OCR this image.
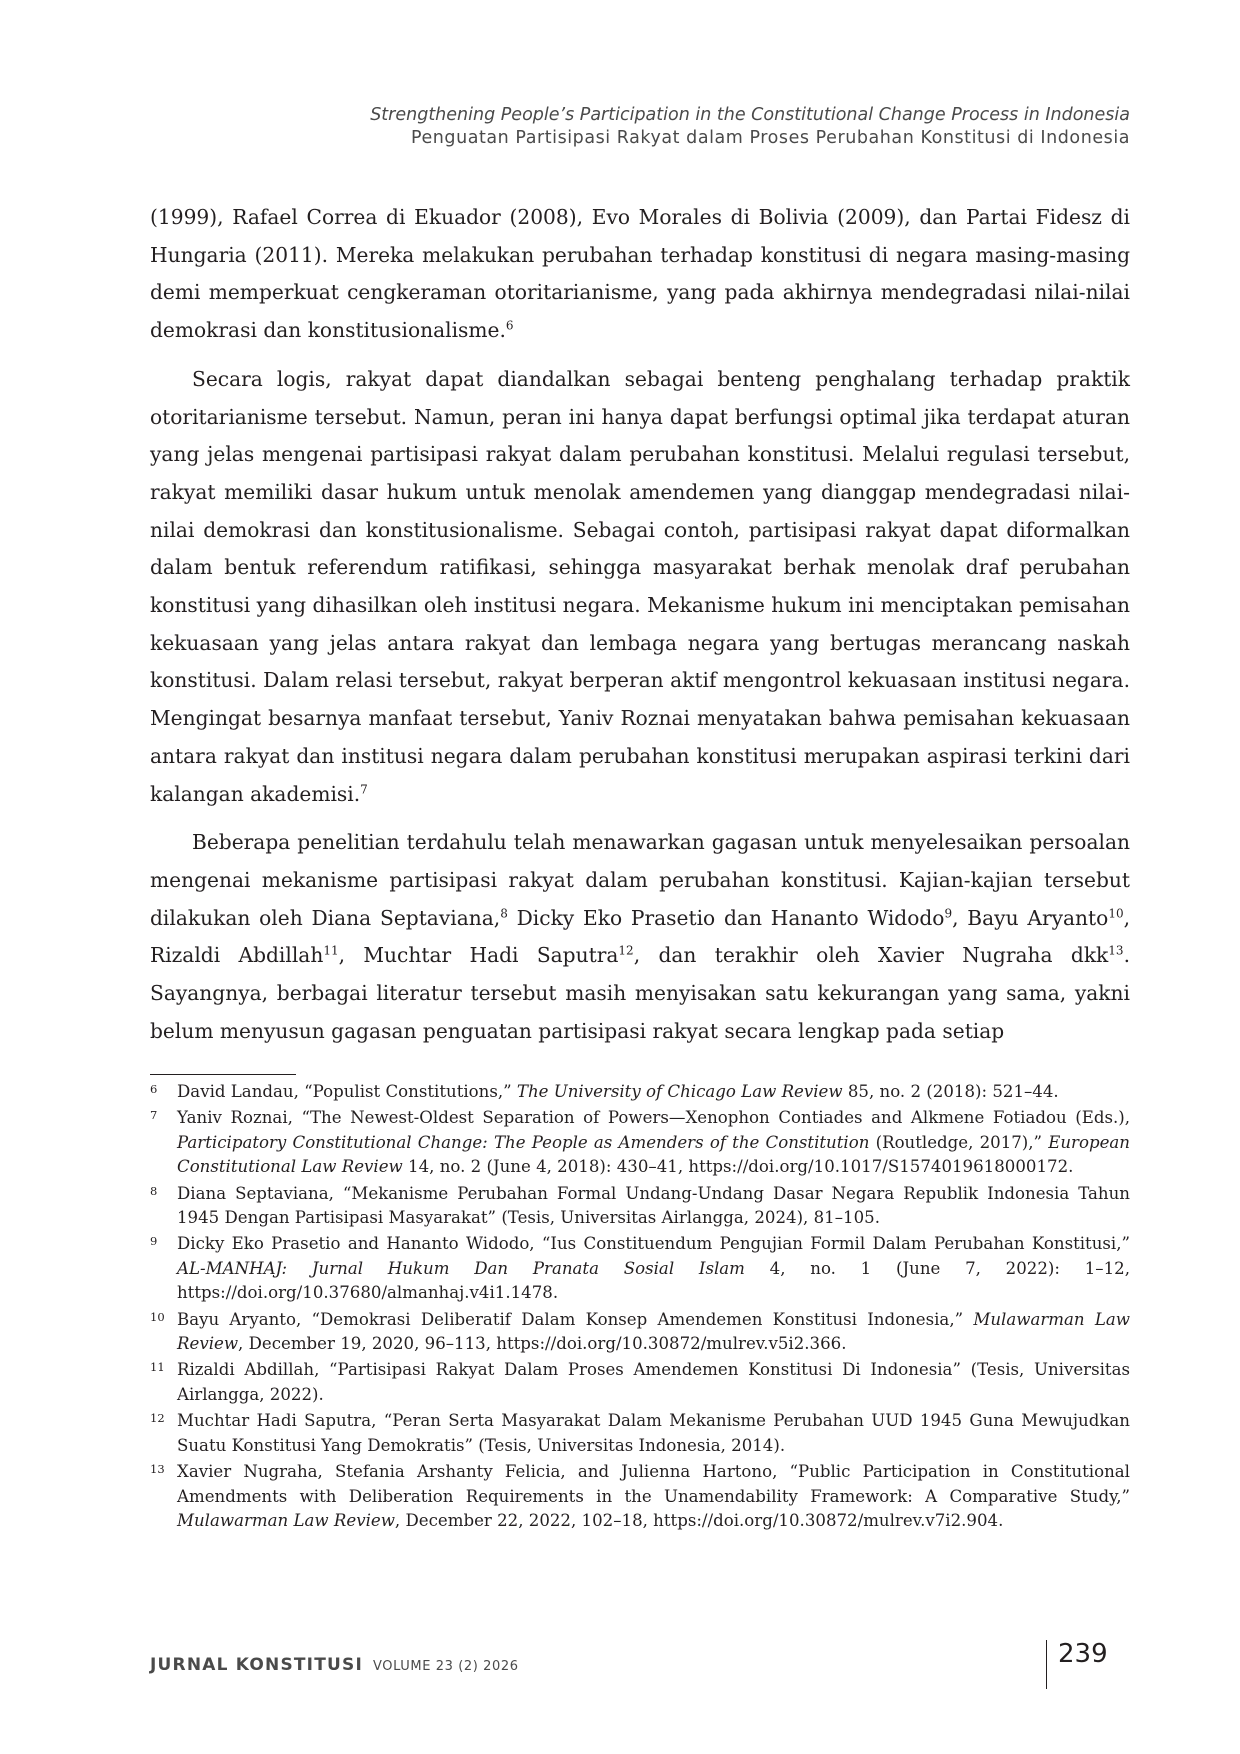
Strengthening People’s Participation in the Constitutional Change Process in Indonesia
Penguatan Partisipasi Rakyat dalam Proses Perubahan Konstitusi di Indonesia

(1999), Rafael Correa di Ekuador (2008), Evo Morales di Bolivia (2009), dan Partai Fidesz di Hungaria (2011). Mereka melakukan perubahan terhadap konstitusi di negara masing-masing demi memperkuat cengkeraman otoritarianisme, yang pada akhirnya mendegradasi nilai-nilai demokrasi dan konstitusionalisme.$^6$

Secara logis, rakyat dapat diandalkan sebagai benteng penghalang terhadap praktik otoritarianisme tersebut. Namun, peran ini hanya dapat berfungsi optimal jika terdapat aturan yang jelas mengenai partisipasi rakyat dalam perubahan konstitusi. Melalui regulasi tersebut, rakyat memiliki dasar hukum untuk menolak amendemen yang dianggap mendegradasi nilai-nilai demokrasi dan konstitusionalisme. Sebagai contoh, partisipasi rakyat dapat diformalkan dalam bentuk referendum ratifikasi, sehingga masyarakat berhak menolak draf perubahan konstitusi yang dihasilkan oleh institusi negara. Mekanisme hukum ini menciptakan pemisahan kekuasaan yang jelas antara rakyat dan lembaga negara yang bertugas merancang naskah konstitusi. Dalam relasi tersebut, rakyat berperan aktif mengontrol kekuasaan institusi negara. Mengingat besarnya manfaat tersebut, Yaniv Roznai menyatakan bahwa pemisahan kekuasaan antara rakyat dan institusi negara dalam perubahan konstitusi merupakan aspirasi terkini dari kalangan akademisi.$^7$

Beberapa penelitian terdahulu telah menawarkan gagasan untuk menyelesaikan persoalan mengenai mekanisme partisipasi rakyat dalam perubahan konstitusi. Kajian-kajian tersebut dilakukan oleh Diana Septaviana,$^8$ Dicky Eko Prasetio dan Hananto Widodo$^9$, Bayu Aryanto$^{10}$, Rizaldi Abdillah$^{11}$, Muchtar Hadi Saputra$^{12}$, dan terakhir oleh Xavier Nugraha dkk$^{13}$. Sayangnya, berbagai literatur tersebut masih menyisakan satu kekurangan yang sama, yakni belum menyusun gagasan penguatan partisipasi rakyat secara lengkap pada setiap

6	David Landau, “Populist Constitutions,” The University of Chicago Law Review 85, no. 2 (2018): 521–44.
7	Yaniv Roznai, “The Newest-Oldest Separation of Powers—Xenophon Contiades and Alkmene Fotiadou (Eds.), Participatory Constitutional Change: The People as Amenders of the Constitution (Routledge, 2017),” European Constitutional Law Review 14, no. 2 (June 4, 2018): 430–41, https://doi.org/10.1017/S1574019618000172.
8	Diana Septaviana, “Mekanisme Perubahan Formal Undang-Undang Dasar Negara Republik Indonesia Tahun 1945 Dengan Partisipasi Masyarakat” (Tesis, Universitas Airlangga, 2024), 81–105.
9	Dicky Eko Prasetio and Hananto Widodo, “Ius Constituendum Pengujian Formil Dalam Perubahan Konstitusi,” AL-MANHAJ: Jurnal Hukum Dan Pranata Sosial Islam 4, no. 1 (June 7, 2022): 1–12, https://doi.org/10.37680/almanhaj.v4i1.1478.
10 Bayu Aryanto, “Demokrasi Deliberatif Dalam Konsep Amendemen Konstitusi Indonesia,” Mulawarman Law Review, December 19, 2020, 96–113, https://doi.org/10.30872/mulrev.v5i2.366.
11 Rizaldi Abdillah, “Partisipasi Rakyat Dalam Proses Amendemen Konstitusi Di Indonesia” (Tesis, Universitas Airlangga, 2022).
12 Muchtar Hadi Saputra, “Peran Serta Masyarakat Dalam Mekanisme Perubahan UUD 1945 Guna Mewujudkan Suatu Konstitusi Yang Demokratis” (Tesis, Universitas Indonesia, 2014).
13 Xavier Nugraha, Stefania Arshanty Felicia, and Julienna Hartono, “Public Participation in Constitutional Amendments with Deliberation Requirements in the Unamendability Framework: A Comparative Study,” Mulawarman Law Review, December 22, 2022, 102–18, https://doi.org/10.30872/mulrev.v7i2.904.
JURNAL KONSTITUSI VOLUME 23 (2) 2026	239
